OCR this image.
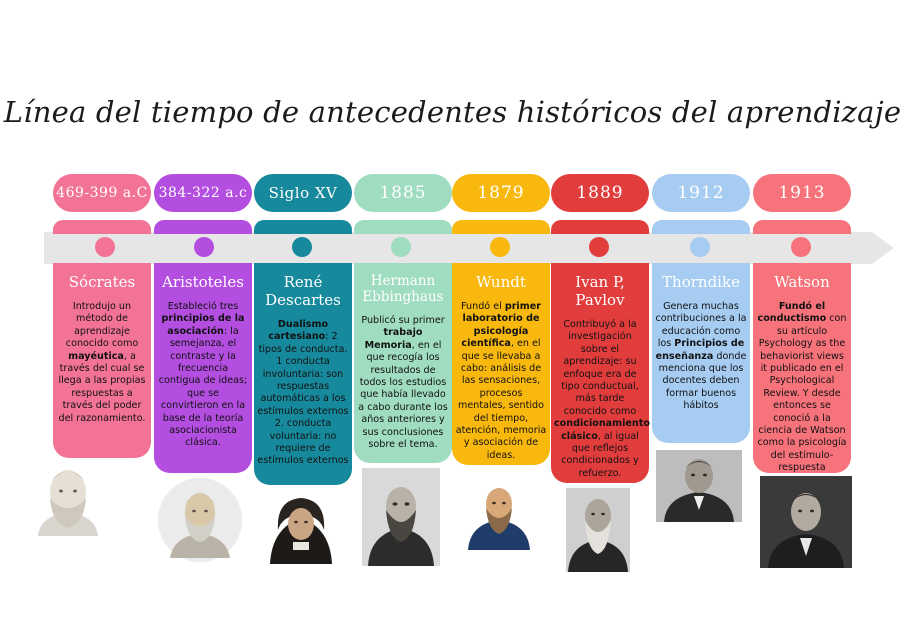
Línea del tiempo de antecedentes históricos del aprendizaje
469-399 a.C
Sócrates
Introdujo un método de aprendizaje conocido como mayéutica, a través del cual se llega a las propias respuestas a través del poder del razonamiento.
384-322 a.c
Aristoteles
Estableció tres principios de la asociación: la semejanza, el contraste y la frecuencia contigua de ideas; que se convirtieron en la base de la teoría asociacionista clásica.
Siglo XV
René Descartes
Dualismo cartesiano: 2 tipos de conducta. 1 conducta involuntaria: son respuestas automáticas a los estímulos externos 2. conducta voluntaria: no requiere de estímulos externos
1885
Hermann Ebbinghaus
Publicó su primer trabajo Memoria, en el que recogía los resultados de todos los estudios que había llevado a cabo durante los años anteriores y sus conclusiones sobre el tema.
1879
Wundt
Fundó el primer laboratorio de psicología científica, en el que se llevaba a cabo: análisis de las sensaciones, procesos mentales, sentido del tiempo, atención, memoria y asociación de ideas.
1889
Ivan P, Pavlov
Contribuyó a la investigación sobre el aprendizaje: su enfoque era de tipo conductual, más tarde conocido como condicionamiento clásico, al igual que reflejos condicionados y refuerzo.
1912
Thorndike
Genera muchas contribuciones a la educación como los Principios de enseñanza donde menciona que los docentes deben formar buenos hábitos
1913
Watson
Fundó el conductismo con su artículo Psychology as the behaviorist views it publicado en el Psychological Review. Y desde entonces se conoció a la ciencia de Watson como la psicología del estímulo-respuesta
